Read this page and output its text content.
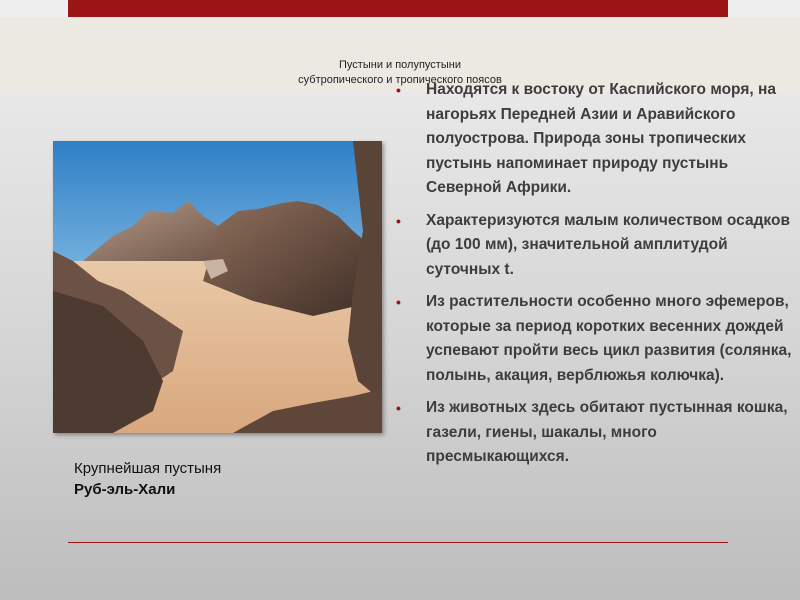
Пустыни и полупустыни
субтропического и тропического поясов
Крупнейшая пустыня
Руб-эль-Хали
• Находятся к востоку от Каспийского моря, на нагорьях Передней Азии и Аравийского полуострова. Природа зоны тропических пустынь напоминает природу пустынь Северной Африки.
• Характеризуются малым количеством осадков (до 100 мм), значительной амплитудой суточных t.
• Из растительности особенно много эфемеров, которые за период коротких весенних дождей успевают пройти весь цикл развития (солянка, полынь, акация, верблюжья колючка).
• Из животных здесь обитают пустынная кошка, газели, гиены, шакалы, много пресмыкающихся.
